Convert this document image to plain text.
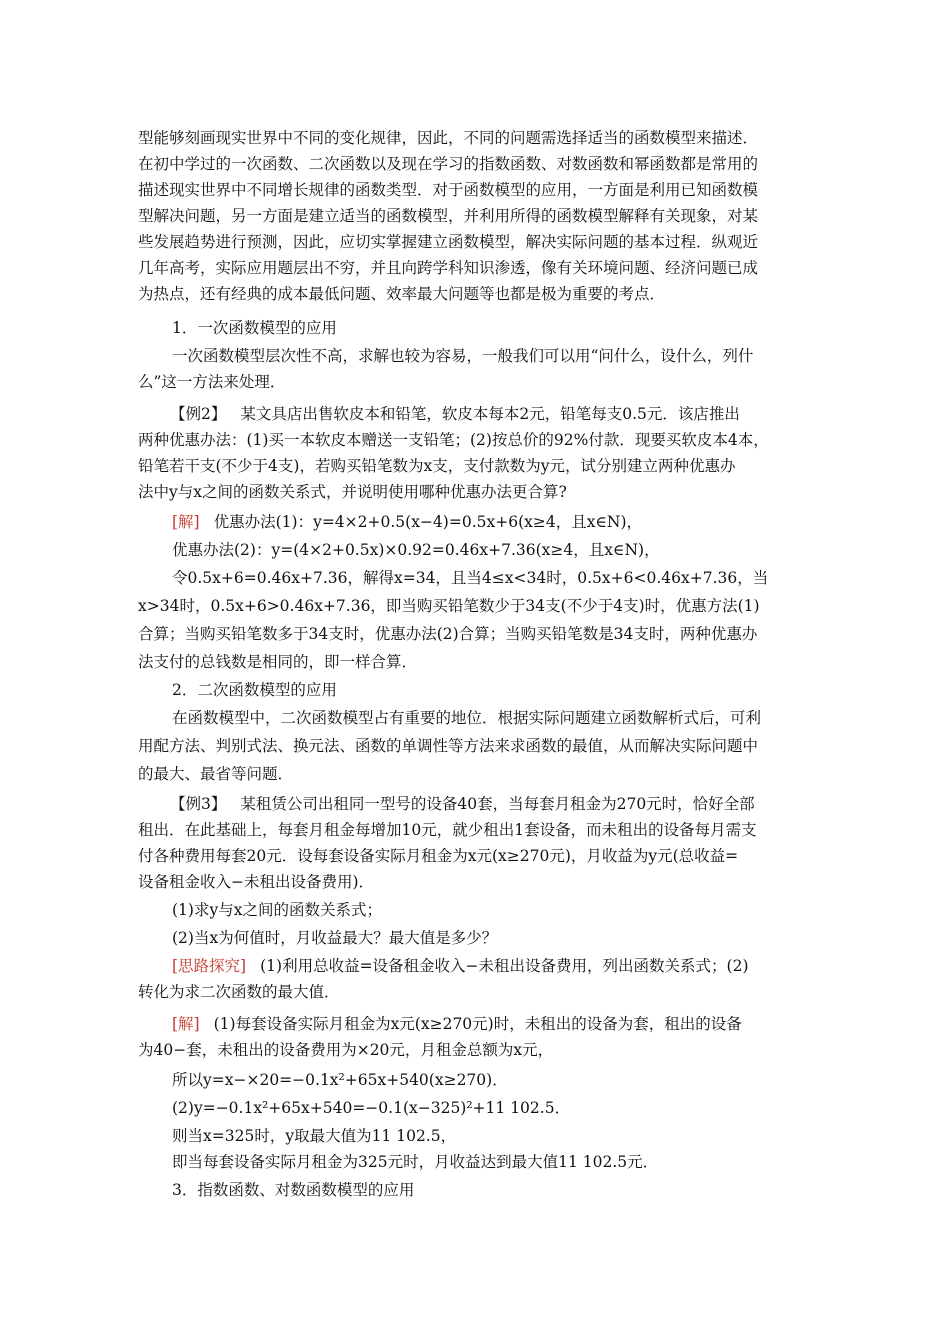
型能够刻画现实世界中不同的变化规律，因此，不同的问题需选择适当的函数模型来描述．
在初中学过的一次函数、二次函数以及现在学习的指数函数、对数函数和幂函数都是常用的
描述现实世界中不同增长规律的函数类型．对于函数模型的应用，一方面是利用已知函数模
型解决问题，另一方面是建立适当的函数模型，并利用所得的函数模型解释有关现象，对某
些发展趋势进行预测，因此，应切实掌握建立函数模型，解决实际问题的基本过程．纵观近
几年高考，实际应用题层出不穷，并且向跨学科知识渗透，像有关环境问题、经济问题已成
为热点，还有经典的成本最低问题、效率最大问题等也都是极为重要的考点．
1．一次函数模型的应用
一次函数模型层次性不高，求解也较为容易，一般我们可以用“问什么，设什么，列什
么”这一方法来处理．
【例2】 某文具店出售软皮本和铅笔，软皮本每本2元，铅笔每支0.5元．该店推出
两种优惠办法：(1)买一本软皮本赠送一支铅笔；(2)按总价的92%付款．现要买软皮本4本，
铅笔若干支(不少于4支)，若购买铅笔数为x支，支付款数为y元，试分别建立两种优惠办
法中y与x之间的函数关系式，并说明使用哪种优惠办法更合算?
[解] 优惠办法(1)：y=4×2+0.5(x−4)=0.5x+6(x≥4，且x∈N)，
优惠办法(2)：y=(4×2+0.5x)×0.92=0.46x+7.36(x≥4，且x∈N)，
令0.5x+6=0.46x+7.36，解得x=34，且当4≤x<34时，0.5x+6<0.46x+7.36，当
x>34时，0.5x+6>0.46x+7.36，即当购买铅笔数少于34支(不少于4支)时，优惠方法(1)
合算；当购买铅笔数多于34支时，优惠办法(2)合算；当购买铅笔数是34支时，两种优惠办
法支付的总钱数是相同的，即一样合算．
2．二次函数模型的应用
在函数模型中，二次函数模型占有重要的地位．根据实际问题建立函数解析式后，可利
用配方法、判别式法、换元法、函数的单调性等方法来求函数的最值，从而解决实际问题中
的最大、最省等问题．
【例3】 某租赁公司出租同一型号的设备40套，当每套月租金为270元时，恰好全部
租出．在此基础上，每套月租金每增加10元，就少租出1套设备，而未租出的设备每月需支
付各种费用每套20元．设每套设备实际月租金为x元(x≥270元)，月收益为y元(总收益=
设备租金收入−未租出设备费用)．
(1)求y与x之间的函数关系式；
(2)当x为何值时，月收益最大？最大值是多少？
[思路探究] (1)利用总收益=设备租金收入−未租出设备费用，列出函数关系式；(2)
转化为求二次函数的最大值．
[解] (1)每套设备实际月租金为x元(x≥270元)时，未租出的设备为套，租出的设备
为40−套，未租出的设备费用为×20元，月租金总额为x元，
所以y=x−×20=−0.1x²+65x+540(x≥270)．
(2)y=−0.1x²+65x+540=−0.1(x−325)²+11 102.5．
则当x=325时，y取最大值为11 102.5，
即当每套设备实际月租金为325元时，月收益达到最大值11 102.5元．
3．指数函数、对数函数模型的应用
